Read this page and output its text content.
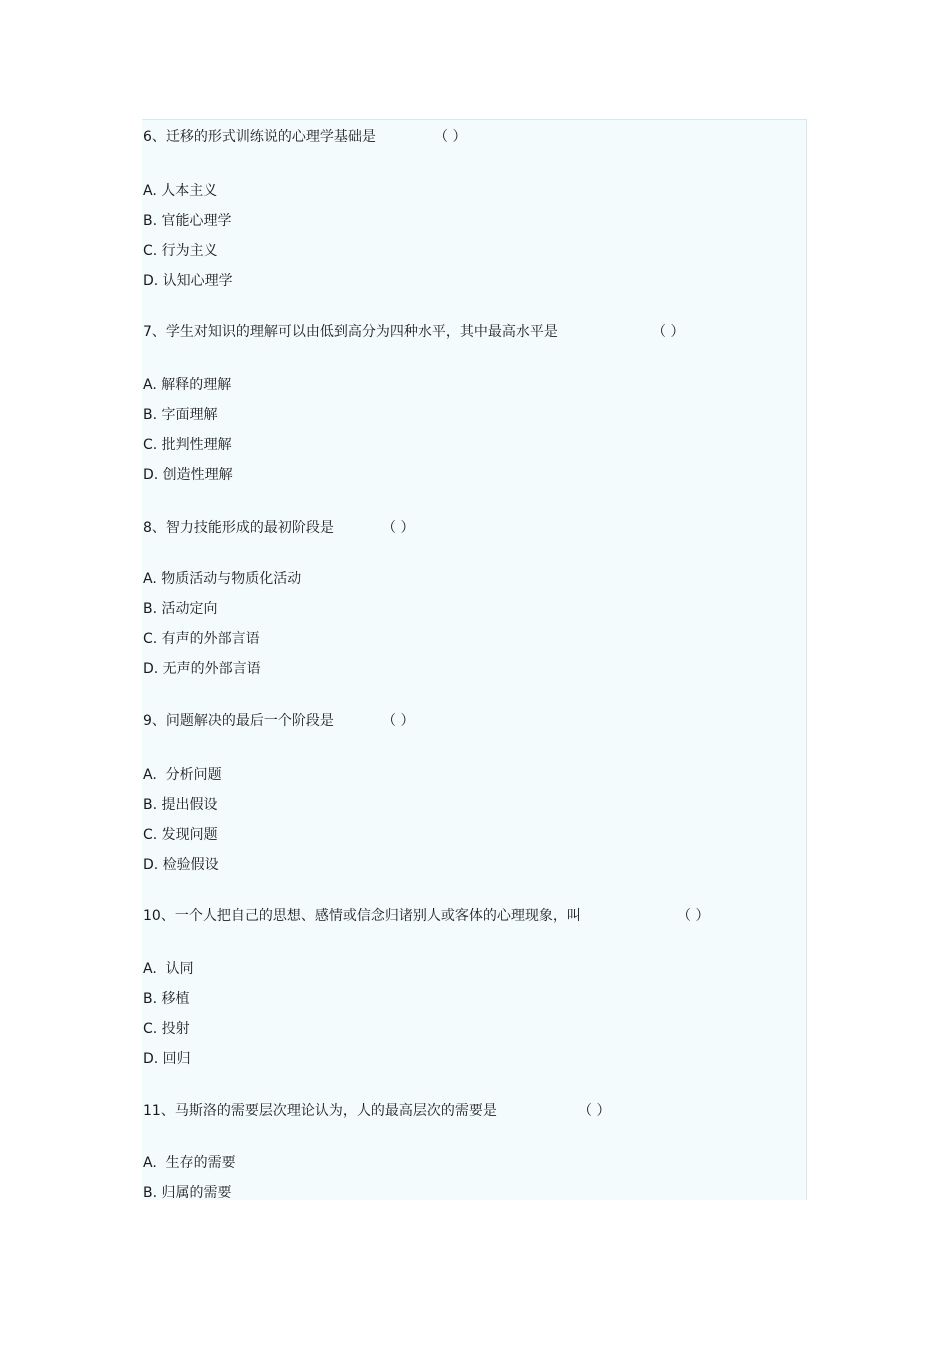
6、迁移的形式训练说的心理学基础是	（ ）
A. 人本主义
B. 官能心理学
C. 行为主义
D. 认知心理学
7、学生对知识的理解可以由低到高分为四种水平，其中最高水平是	（ ）
A. 解释的理解
B. 字面理解
C. 批判性理解
D. 创造性理解
8、智力技能形成的最初阶段是	（ ）
A. 物质活动与物质化活动
B. 活动定向
C. 有声的外部言语
D. 无声的外部言语
9、问题解决的最后一个阶段是	（ ）
A.  分析问题
B. 提出假设
C. 发现问题
D. 检验假设
10、一个人把自己的思想、感情或信念归诸别人或客体的心理现象，叫	（ ）
A.  认同
B. 移植
C. 投射
D. 回归
11、马斯洛的需要层次理论认为，人的最高层次的需要是	（ ）
A.  生存的需要
B. 归属的需要
